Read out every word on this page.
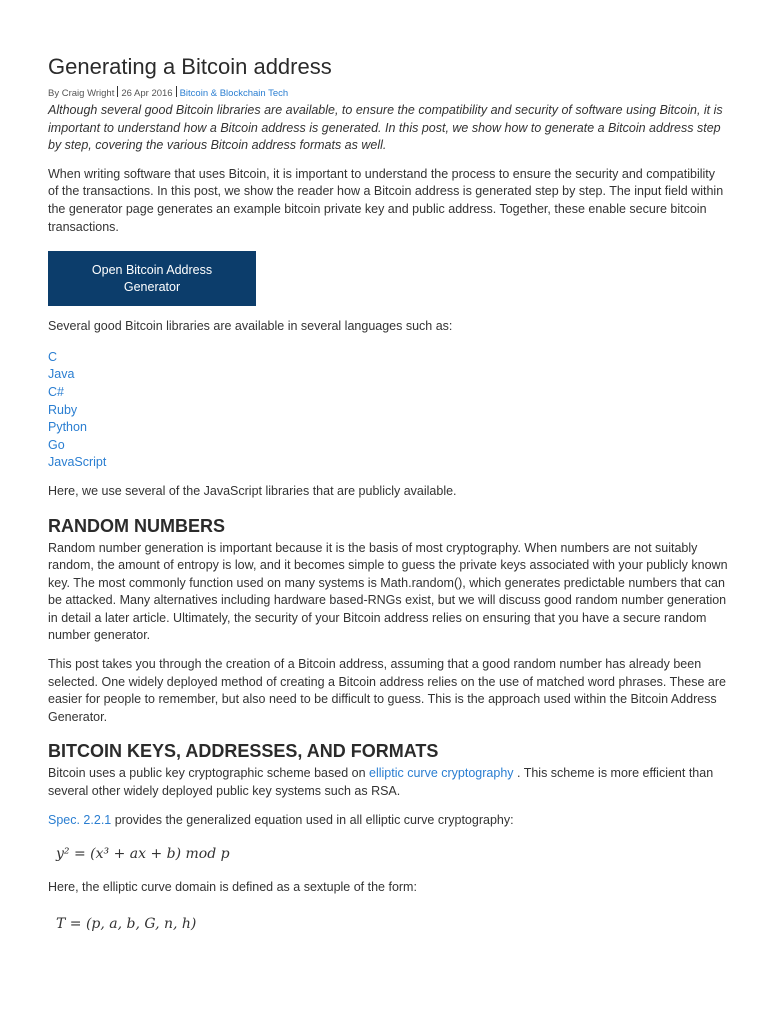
Generating a Bitcoin address
By Craig Wright 26 Apr 2016 Bitcoin & Blockchain Tech

Although several good Bitcoin libraries are available, to ensure the compatibility and security of software using Bitcoin, it is important to understand how a Bitcoin address is generated. In this post, we show how to generate a Bitcoin address step by step, covering the various Bitcoin address formats as well.

When writing software that uses Bitcoin, it is important to understand the process to ensure the security and compatibility of the transactions. In this post, we show the reader how a Bitcoin address is generated step by step. The input field within the generator page generates an example bitcoin private key and public address. Together, these enable secure bitcoin transactions.

Open Bitcoin Address Generator

Several good Bitcoin libraries are available in several languages such as:

C
Java
C#
Ruby
Python
Go
JavaScript

Here, we use several of the JavaScript libraries that are publicly available.

RANDOM NUMBERS

Random number generation is important because it is the basis of most cryptography. When numbers are not suitably random, the amount of entropy is low, and it becomes simple to guess the private keys associated with your publicly known key. The most commonly function used on many systems is Math.random(), which generates predictable numbers that can be attacked. Many alternatives including hardware based-RNGs exist, but we will discuss good random number generation in detail a later article. Ultimately, the security of your Bitcoin address relies on ensuring that you have a secure random number generator.

This post takes you through the creation of a Bitcoin address, assuming that a good random number has already been selected. One widely deployed method of creating a Bitcoin address relies on the use of matched word phrases. These are easier for people to remember, but also need to be difficult to guess. This is the approach used within the Bitcoin Address Generator.

BITCOIN KEYS, ADDRESSES, AND FORMATS

Bitcoin uses a public key cryptographic scheme based on elliptic curve cryptography . This scheme is more efficient than several other widely deployed public key systems such as RSA.

Spec. 2.2.1 provides the generalized equation used in all elliptic curve cryptography:

y² = (x³ + ax + b) mod p

Here, the elliptic curve domain is defined as a sextuple of the form:

T = (p, a, b, G, n, h)
